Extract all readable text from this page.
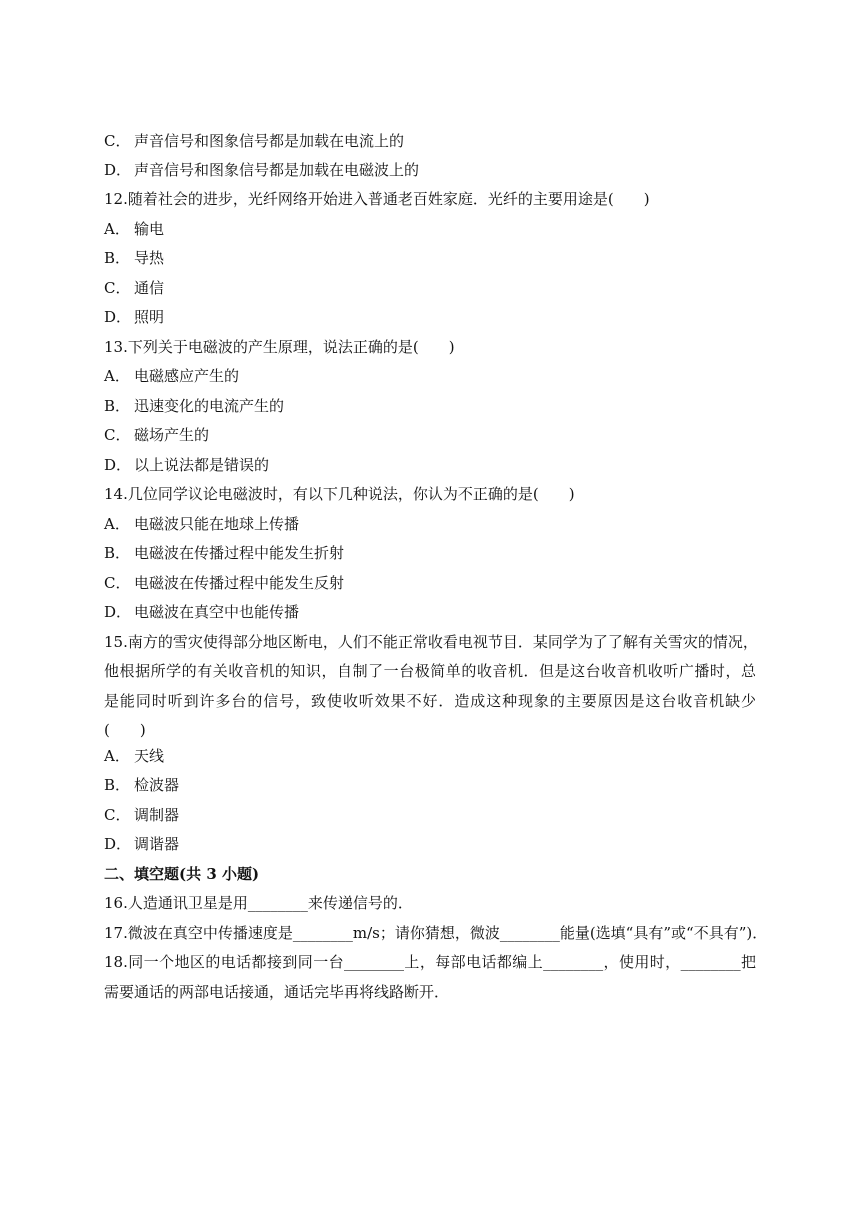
C． 声音信号和图象信号都是加载在电流上的
D． 声音信号和图象信号都是加载在电磁波上的
12.随着社会的进步，光纤网络开始进入普通老百姓家庭．光纤的主要用途是(　　)
A． 输电
B． 导热
C． 通信
D． 照明
13.下列关于电磁波的产生原理，说法正确的是(　　)
A． 电磁感应产生的
B． 迅速变化的电流产生的
C． 磁场产生的
D． 以上说法都是错误的
14.几位同学议论电磁波时，有以下几种说法，你认为不正确的是(　　)
A． 电磁波只能在地球上传播
B． 电磁波在传播过程中能发生折射
C． 电磁波在传播过程中能发生反射
D． 电磁波在真空中也能传播
15.南方的雪灾使得部分地区断电，人们不能正常收看电视节目．某同学为了了解有关雪灾的情况，
他根据所学的有关收音机的知识，自制了一台极简单的收音机．但是这台收音机收听广播时，总
是能同时听到许多台的信号，致使收听效果不好．造成这种现象的主要原因是这台收音机缺少
(　　)
A． 天线
B． 检波器
C． 调制器
D． 调谐器
二、填空题(共 3 小题)
16.人造通讯卫星是用________来传递信号的．
17.微波在真空中传播速度是________m/s；请你猜想，微波________能量(选填“具有”或“不具有”)．
18.同一个地区的电话都接到同一台________上，每部电话都编上________，使用时，________把
需要通话的两部电话接通，通话完毕再将线路断开．
